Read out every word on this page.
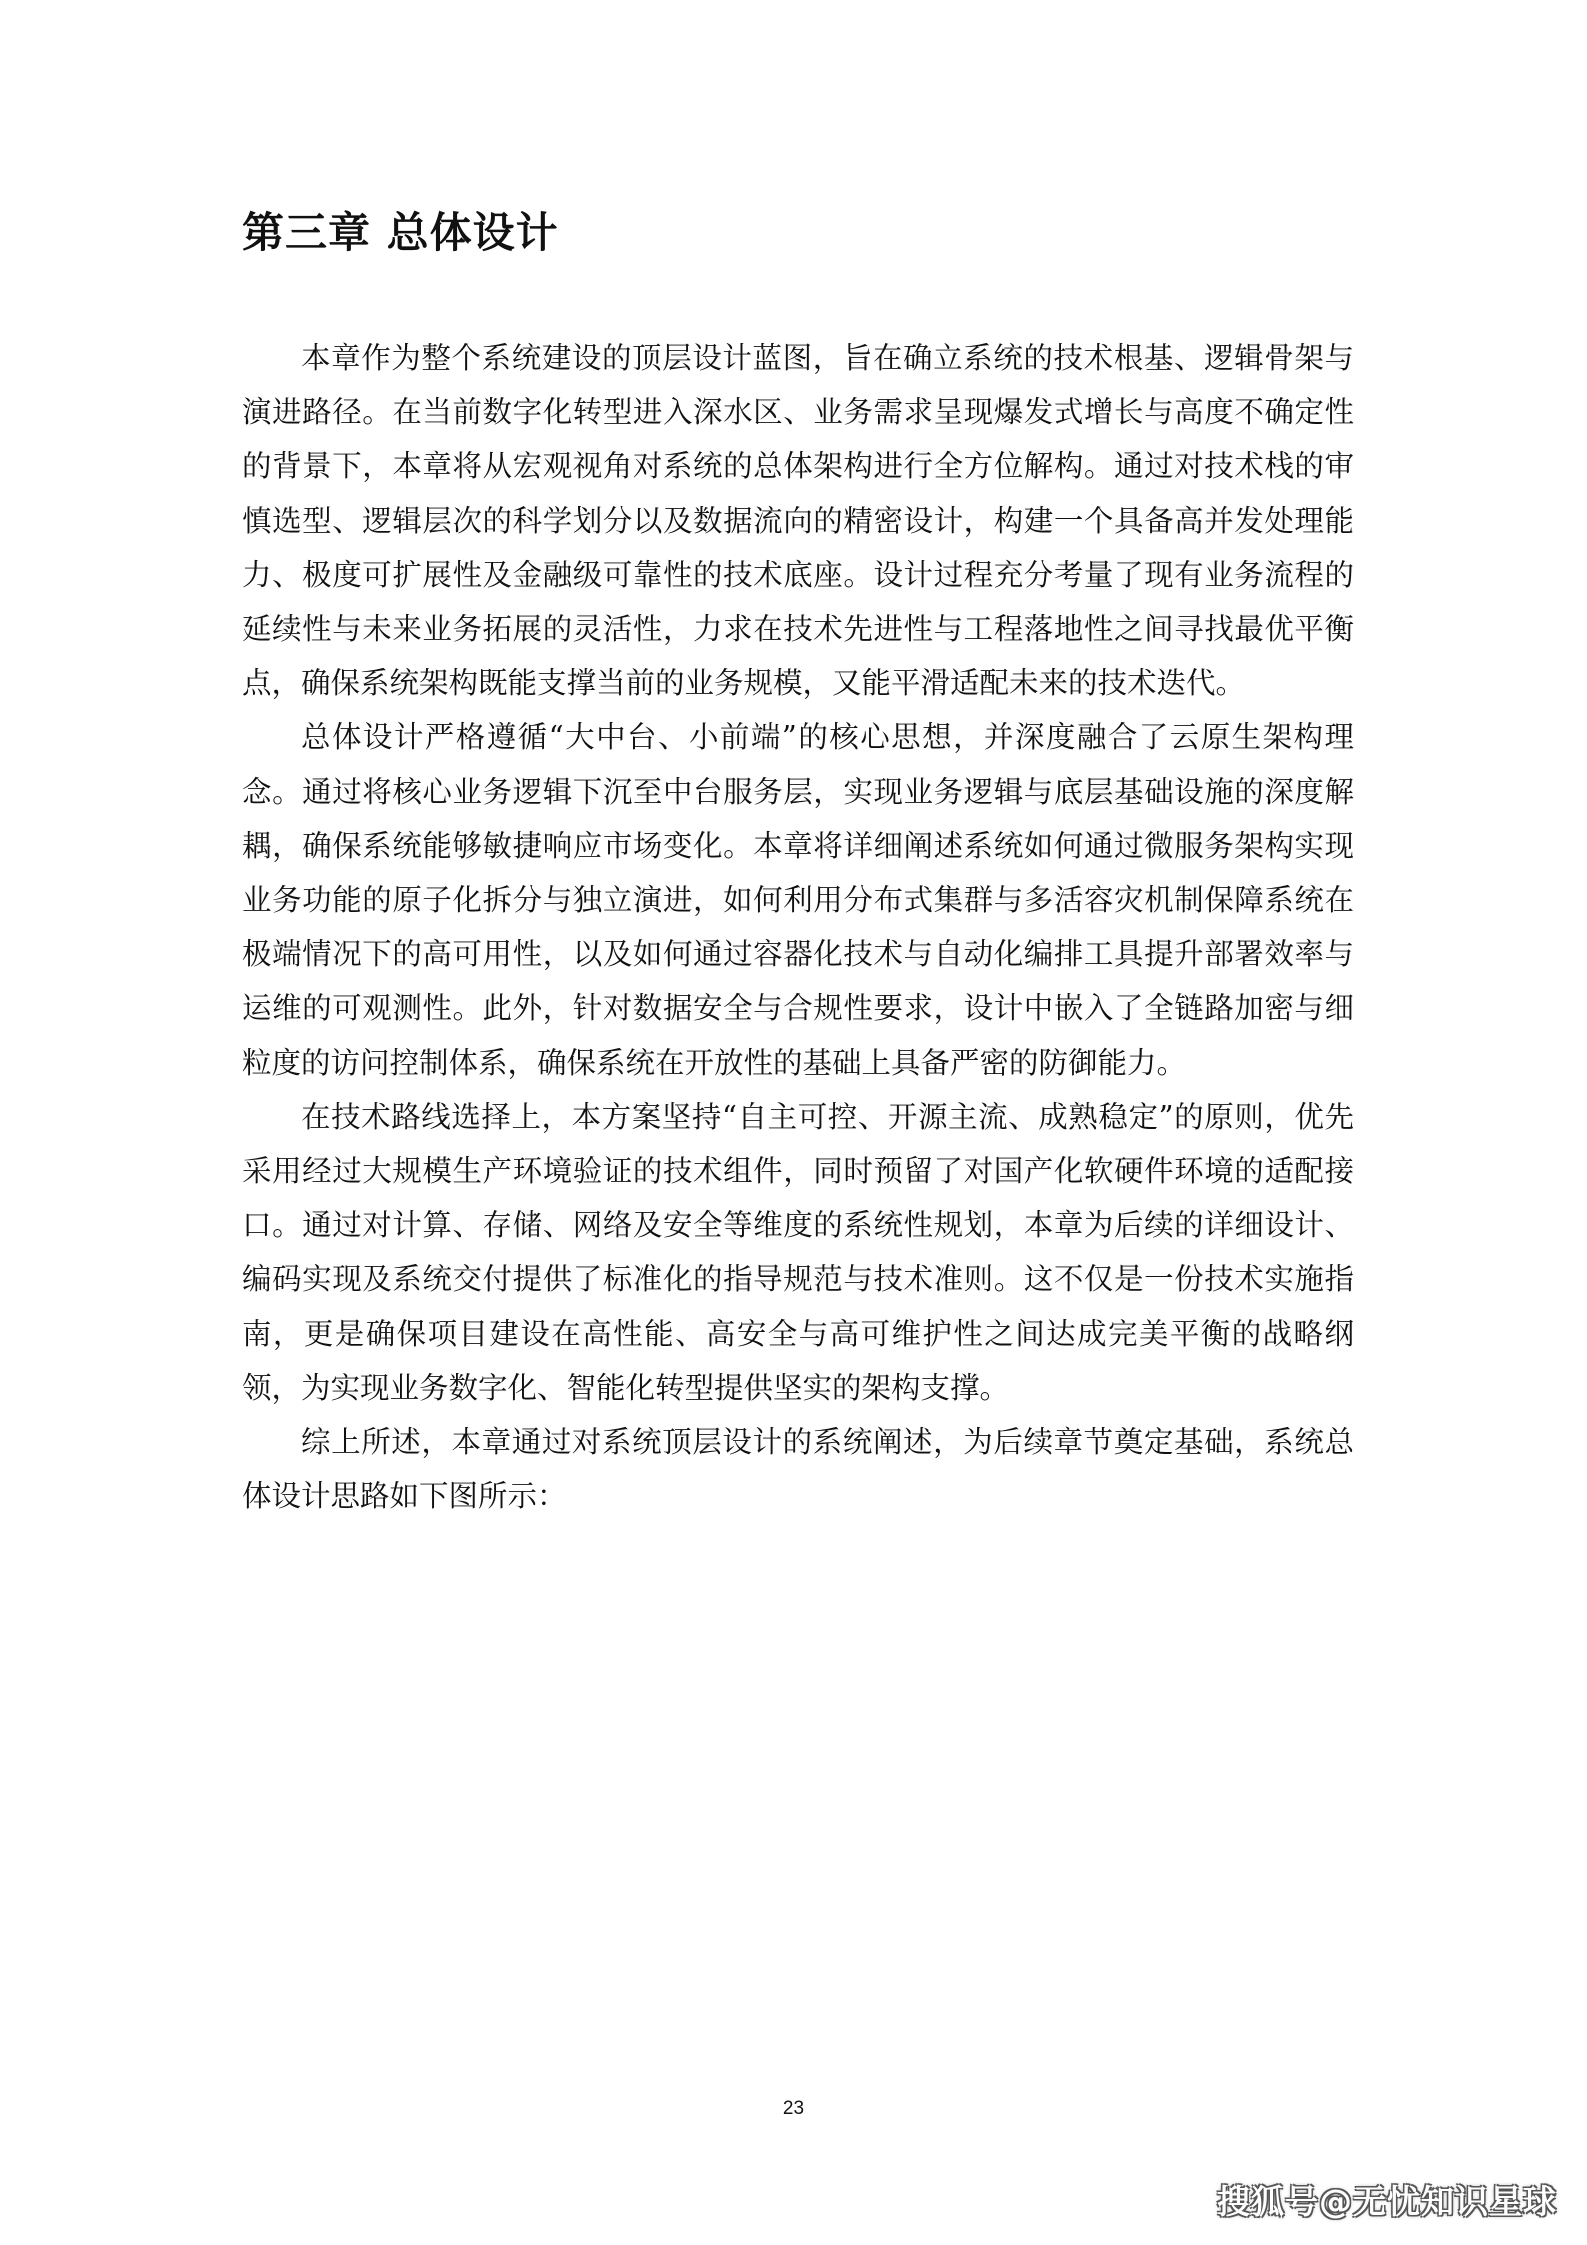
第三章 总体设计

本章作为整个系统建设的顶层设计蓝图，旨在确立系统的技术根基、逻辑骨架与演进路径。在当前数字化转型进入深水区、业务需求呈现爆发式增长与高度不确定性的背景下，本章将从宏观视角对系统的总体架构进行全方位解构。通过对技术栈的审慎选型、逻辑层次的科学划分以及数据流向的精密设计，构建一个具备高并发处理能力、极度可扩展性及金融级可靠性的技术底座。设计过程充分考量了现有业务流程的延续性与未来业务拓展的灵活性，力求在技术先进性与工程落地性之间寻找最优平衡点，确保系统架构既能支撑当前的业务规模，又能平滑适配未来的技术迭代。

总体设计严格遵循“大中台、小前端”的核心思想，并深度融合了云原生架构理念。通过将核心业务逻辑下沉至中台服务层，实现业务逻辑与底层基础设施的深度解耦，确保系统能够敏捷响应市场变化。本章将详细阐述系统如何通过微服务架构实现业务功能的原子化拆分与独立演进，如何利用分布式集群与多活容灾机制保障系统在极端情况下的高可用性，以及如何通过容器化技术与自动化编排工具提升部署效率与运维的可观测性。此外，针对数据安全与合规性要求，设计中嵌入了全链路加密与细粒度的访问控制体系，确保系统在开放性的基础上具备严密的防御能力。

在技术路线选择上，本方案坚持“自主可控、开源主流、成熟稳定”的原则，优先采用经过大规模生产环境验证的技术组件，同时预留了对国产化软硬件环境的适配接口。通过对计算、存储、网络及安全等维度的系统性规划，本章为后续的详细设计、编码实现及系统交付提供了标准化的指导规范与技术准则。这不仅是一份技术实施指南，更是确保项目建设在高性能、高安全与高可维护性之间达成完美平衡的战略纲领，为实现业务数字化、智能化转型提供坚实的架构支撑。

综上所述，本章通过对系统顶层设计的系统阐述，为后续章节奠定基础，系统总体设计思路如下图所示：

23
搜狐号@无忧知识星球
